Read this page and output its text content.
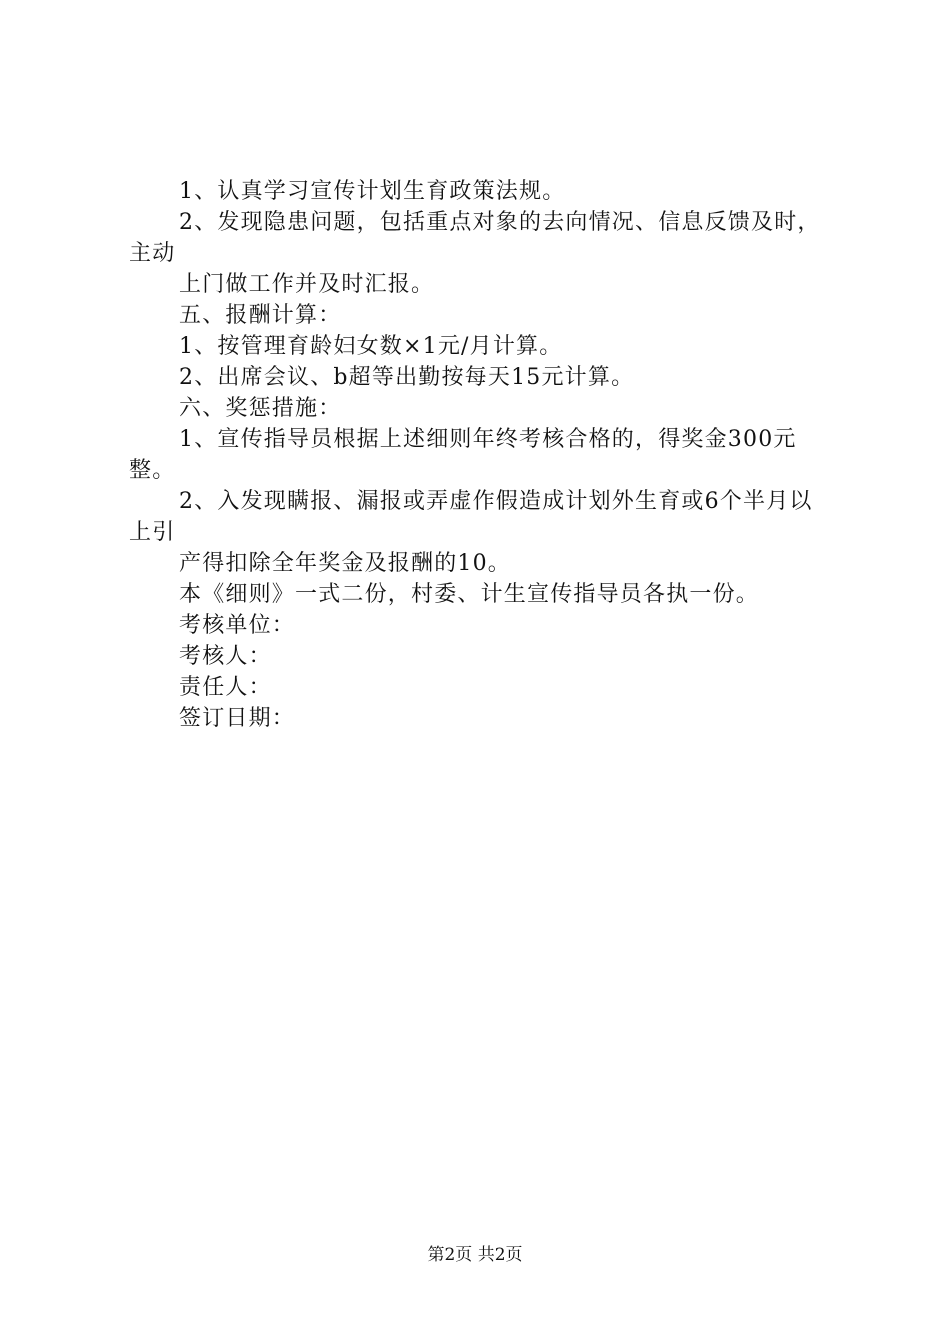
1、认真学习宣传计划生育政策法规。

2、发现隐患问题，包括重点对象的去向情况、信息反馈及时，主动

上门做工作并及时汇报。

五、报酬计算：

1、按管理育龄妇女数×1元/月计算。

2、出席会议、b超等出勤按每天15元计算。

六、奖惩措施：

1、宣传指导员根据上述细则年终考核合格的，得奖金300元整。

2、入发现瞒报、漏报或弄虚作假造成计划外生育或6个半月以上引

产得扣除全年奖金及报酬的10。

本《细则》一式二份，村委、计生宣传指导员各执一份。

考核单位：

考核人：

责任人：

签订日期：

第2页 共2页
